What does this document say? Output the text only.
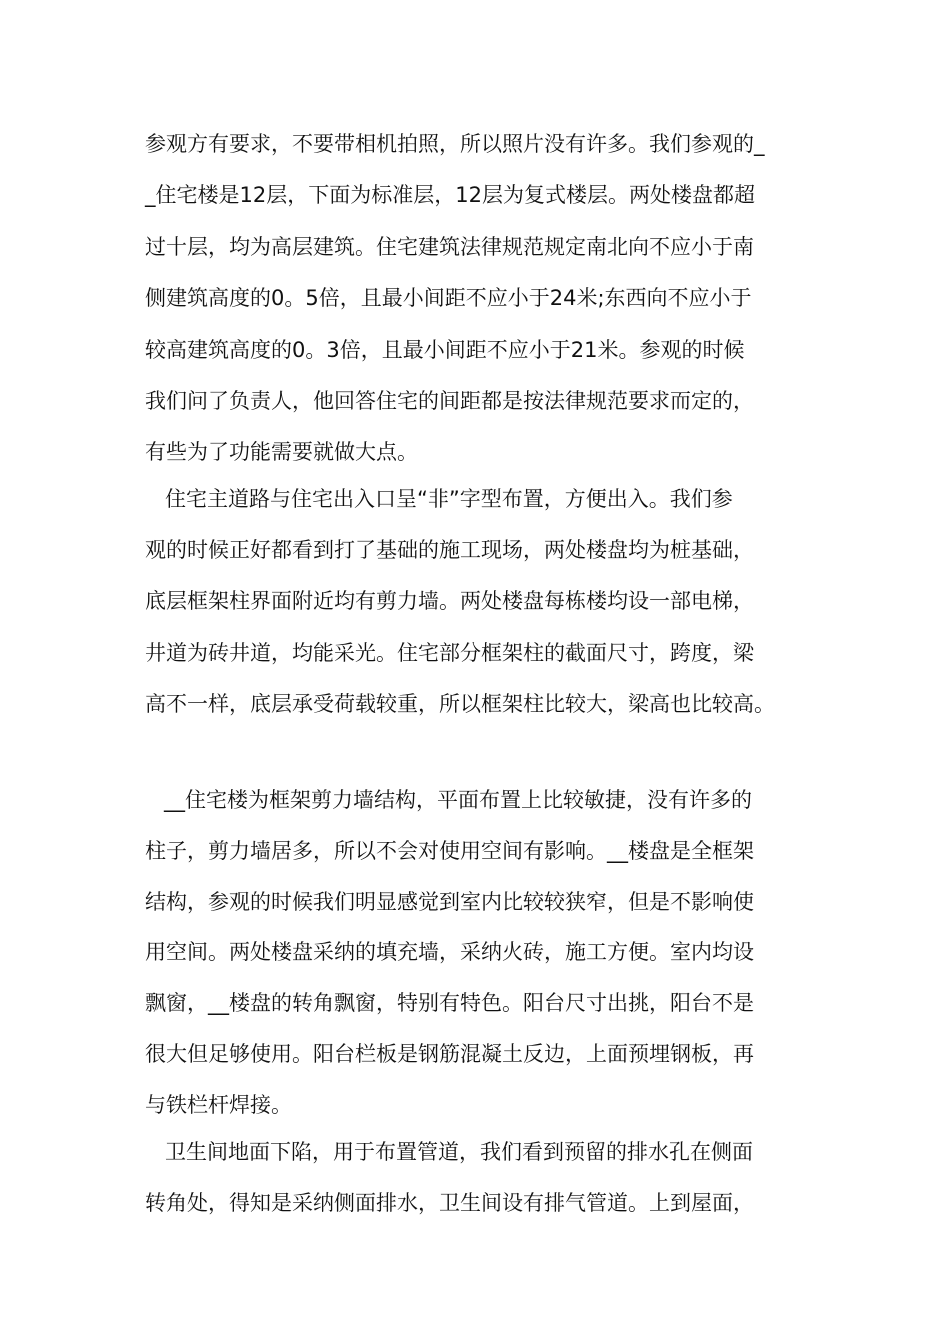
参观方有要求，不要带相机拍照，所以照片没有许多。我们参观的_
_住宅楼是12层，下面为标准层，12层为复式楼层。两处楼盘都超
过十层，均为高层建筑。住宅建筑法律规范规定南北向不应小于南
侧建筑高度的0。5倍，且最小间距不应小于24米;东西向不应小于
较高建筑高度的0。3倍，且最小间距不应小于21米。参观的时候
我们问了负责人，他回答住宅的间距都是按法律规范要求而定的，
有些为了功能需要就做大点。
住宅主道路与住宅出入口呈“非”字型布置，方便出入。我们参
观的时候正好都看到打了基础的施工现场，两处楼盘均为桩基础，
底层框架柱界面附近均有剪力墙。两处楼盘每栋楼均设一部电梯，
井道为砖井道，均能采光。住宅部分框架柱的截面尺寸，跨度，梁
高不一样，底层承受荷载较重，所以框架柱比较大，梁高也比较高。
__住宅楼为框架剪力墙结构，平面布置上比较敏捷，没有许多的
柱子，剪力墙居多，所以不会对使用空间有影响。__楼盘是全框架
结构，参观的时候我们明显感觉到室内比较较狭窄，但是不影响使
用空间。两处楼盘采纳的填充墙，采纳火砖，施工方便。室内均设
飘窗，__楼盘的转角飘窗，特别有特色。阳台尺寸出挑，阳台不是
很大但足够使用。阳台栏板是钢筋混凝土反边，上面预埋钢板，再
与铁栏杆焊接。
卫生间地面下陷，用于布置管道，我们看到预留的排水孔在侧面
转角处，得知是采纳侧面排水，卫生间设有排气管道。上到屋面，
